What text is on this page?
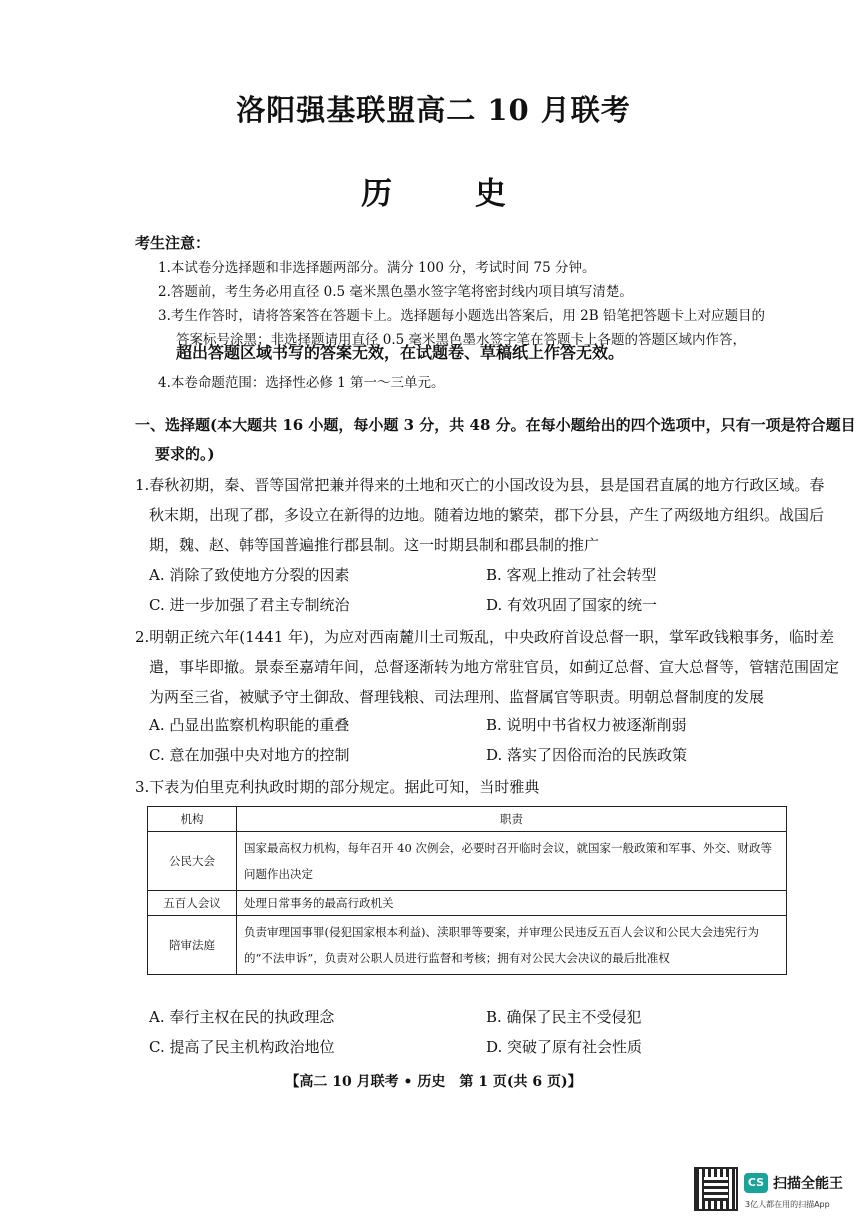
洛阳强基联盟高二 10 月联考
历 史
考生注意：
1.本试卷分选择题和非选择题两部分。满分 100 分，考试时间 75 分钟。
2.答题前，考生务必用直径 0.5 毫米黑色墨水签字笔将密封线内项目填写清楚。
3.考生作答时，请将答案答在答题卡上。选择题每小题选出答案后，用 2B 铅笔把答题卡上对应题目的
答案标号涂黑；非选择题请用直径 0.5 毫米黑色墨水签字笔在答题卡上各题的答题区域内作答，
超出答题区域书写的答案无效，在试题卷、草稿纸上作答无效。
4.本卷命题范围：选择性必修 1 第一～三单元。
一、选择题(本大题共 16 小题，每小题 3 分，共 48 分。在每小题给出的四个选项中，只有一项是符合题目
要求的。)
1.春秋初期，秦、晋等国常把兼并得来的土地和灭亡的小国改设为县，县是国君直属的地方行政区域。春
秋末期，出现了郡，多设立在新得的边地。随着边地的繁荣，郡下分县，产生了两级地方组织。战国后
期，魏、赵、韩等国普遍推行郡县制。这一时期县制和郡县制的推广
A. 消除了致使地方分裂的因素	B. 客观上推动了社会转型
C. 进一步加强了君主专制统治	D. 有效巩固了国家的统一
2.明朝正统六年(1441 年)，为应对西南麓川土司叛乱，中央政府首设总督一职，掌军政钱粮事务，临时差
遣，事毕即撤。景泰至嘉靖年间，总督逐渐转为地方常驻官员，如蓟辽总督、宣大总督等，管辖范围固定
为两至三省，被赋予守土御敌、督理钱粮、司法理刑、监督属官等职责。明朝总督制度的发展
A. 凸显出监察机构职能的重叠	B. 说明中书省权力被逐渐削弱
C. 意在加强中央对地方的控制	D. 落实了因俗而治的民族政策
3.下表为伯里克利执政时期的部分规定。据此可知，当时雅典
机构	职责
公民大会	国家最高权力机构，每年召开 40 次例会，必要时召开临时会议，就国家一般政策和军事、外交、财政等问题作出决定
五百人会议	处理日常事务的最高行政机关
陪审法庭	负责审理国事罪(侵犯国家根本利益)、渎职罪等要案，并审理公民违反五百人会议和公民大会违宪行为的“不法申诉”，负责对公职人员进行监督和考核；拥有对公民大会决议的最后批准权
A. 奉行主权在民的执政理念	B. 确保了民主不受侵犯
C. 提高了民主机构政治地位	D. 突破了原有社会性质
【高二 10 月联考 • 历史　第 1 页(共 6 页)】
CS 扫描全能王
3亿人都在用的扫描App
